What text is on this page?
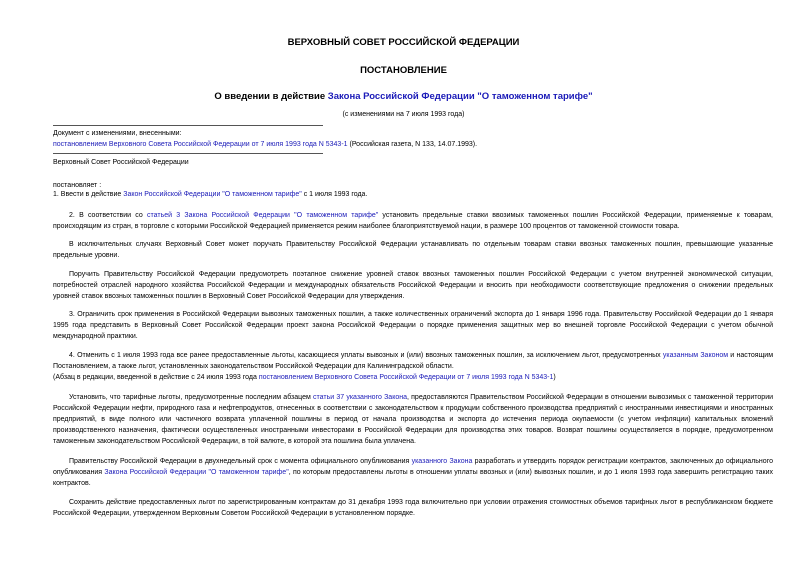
ВЕРХОВНЫЙ СОВЕТ РОССИЙСКОЙ ФЕДЕРАЦИИ
ПОСТАНОВЛЕНИЕ
О введении в действие Закона Российской Федерации "О таможенном тарифе"
(с изменениями на 7 июля 1993 года)
Документ с изменениями, внесенными:
постановлением Верховного Совета Российской Федерации от 7 июля 1993 года N 5343-1 (Российская газета, N 133, 14.07.1993).
Верховный Совет Российской Федерации
постановляет :
1. Ввести в действие Закон Российской Федерации "О таможенном тарифе" с 1 июля 1993 года.
2. В соответствии со статьей 3 Закона Российской Федерации "О таможенном тарифе" установить предельные ставки ввозимых таможенных пошлин Российской Федерации, применяемые к товарам, происходящим из стран, в торговле с которыми Российской Федерацией применяется режим наиболее благоприятствуемой нации, в размере 100 процентов от таможенной стоимости товара.
В исключительных случаях Верховный Совет может поручать Правительству Российской Федерации устанавливать по отдельным товарам ставки ввозных таможенных пошлин, превышающие указанные предельные уровни.
Поручить Правительству Российской Федерации предусмотреть поэтапное снижение уровней ставок ввозных таможенных пошлин Российской Федерации с учетом внутренней экономической ситуации, потребностей отраслей народного хозяйства Российской Федерации и международных обязательств Российской Федерации и вносить при необходимости соответствующие предложения о снижении предельных уровней ставок ввозных таможенных пошлин в Верховный Совет Российской Федерации для утверждения.
3. Ограничить срок применения в Российской Федерации вывозных таможенных пошлин, а также количественных ограничений экспорта до 1 января 1996 года. Правительству Российской Федерации до 1 января 1995 года представить в Верховный Совет Российской Федерации проект закона Российской Федерации о порядке применения защитных мер во внешней торговле Российской Федерации с учетом обычной международной практики.
4. Отменить с 1 июля 1993 года все ранее предоставленные льготы, касающиеся уплаты вывозных и (или) ввозных таможенных пошлин, за исключением льгот, предусмотренных указанным Законом и настоящим Постановлением, а также льгот, установленных законодательством Российской Федерации для Калининградской области.
(Абзац в редакции, введенной в действие с 24 июля 1993 года постановлением Верховного Совета Российской Федерации от 7 июля 1993 года N 5343-1)
Установить, что тарифные льготы, предусмотренные последним абзацем статьи 37 указанного Закона, предоставляются Правительством Российской Федерации в отношении вывозимых с таможенной территории Российской Федерации нефти, природного газа и нефтепродуктов, отнесенных в соответствии с законодательством к продукции собственного производства предприятий с иностранными инвестициями и иностранных предприятий, в виде полного или частичного возврата уплаченной пошлины в период от начала производства и экспорта до истечения периода окупаемости (с учетом инфляции) капитальных вложений производственного назначения, фактически осуществленных иностранными инвесторами в Российской Федерации для производства этих товаров. Возврат пошлины осуществляется в порядке, предусмотренном таможенным законодательством Российской Федерации, в той валюте, в которой эта пошлина была уплачена.
Правительству Российской Федерации в двухнедельный срок с момента официального опубликования указанного Закона разработать и утвердить порядок регистрации контрактов, заключенных до официального опубликования Закона Российской Федерации "О таможенном тарифе", по которым предоставлены льготы в отношении уплаты ввозных и (или) вывозных пошлин, и до 1 июля 1993 года завершить регистрацию таких контрактов.
Сохранить действие предоставленных льгот по зарегистрированным контрактам до 31 декабря 1993 года включительно при условии отражения стоимостных объемов тарифных льгот в республиканском бюджете Российской Федерации, утвержденном Верховным Советом Российской Федерации в установленном порядке.
